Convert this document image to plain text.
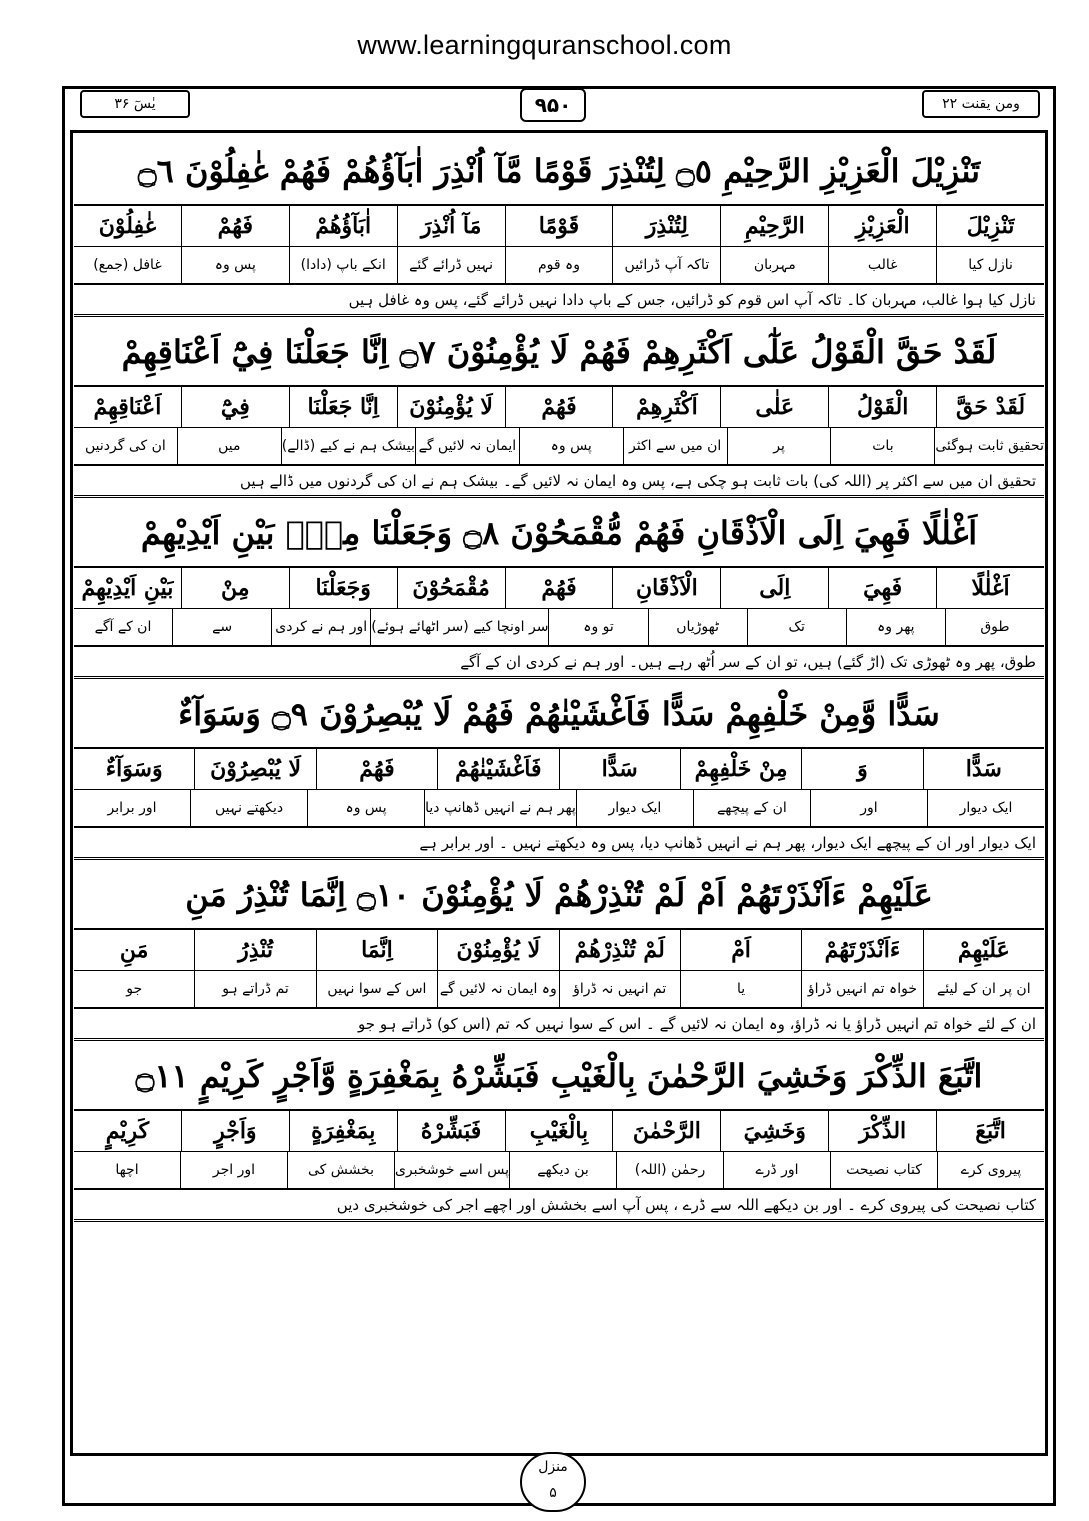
www.learningquranschool.com
ومن یقنت ۲۲
۹۵۰
یٰسٓ ۳۶
تَنْزِيْلَ الْعَزِيْزِ الرَّحِيْمِ ۝٥ لِتُنْذِرَ قَوْمًا مَّآ اُنْذِرَ اٰبَآؤُهُمْ فَهُمْ غٰفِلُوْنَ ۝٦
تَنْزِيْلَ
الْعَزِيْزِ
الرَّحِيْمِ
لِتُنْذِرَ
قَوْمًا
مَآ اُنْذِرَ
اٰبَآؤُهُمْ
فَهُمْ
غٰفِلُوْنَ
نازل کیا
غالب
مہربان
تاکہ آپ ڈرائیں
وہ قوم
نہیں ڈرائے گئے
انکے باپ (دادا)
پس وہ
غافل (جمع)
نازل کیا ہوا غالب، مہربان کا۔ تاکہ آپ اس قوم کو ڈرائیں، جس کے باپ دادا نہیں ڈرائے گئے، پس وہ غافل ہیں
لَقَدْ حَقَّ الْقَوْلُ عَلٰٓى اَكْثَرِهِمْ فَهُمْ لَا يُؤْمِنُوْنَ ۝٧ اِنَّا جَعَلْنَا فِيْٓ اَعْنَاقِهِمْ
لَقَدْ حَقَّ
الْقَوْلُ
عَلٰى
اَكْثَرِهِمْ
فَهُمْ
لَا يُؤْمِنُوْنَ
اِنَّا جَعَلْنَا
فِيْٓ
اَعْنَاقِهِمْ
تحقیق ثابت ہوگئی
بات
پر
ان میں سے اکثر
پس وہ
ایمان نہ لائیں گے
بیشک ہم نے کیے (ڈالے)
میں
ان کی گردنیں
تحقیق ان میں سے اکثر پر (اللہ کی) بات ثابت ہو چکی ہے، پس وہ ایمان نہ لائیں گے۔ بیشک ہم نے ان کی گردنوں میں ڈالے ہیں
اَغْلٰلًا فَهِيَ اِلَى الْاَذْقَانِ فَهُمْ مُّقْمَحُوْنَ ۝٨ وَجَعَلْنَا مِنْۢ بَيْنِ اَيْدِيْهِمْ
اَغْلٰلًا
فَهِيَ
اِلَى
الْاَذْقَانِ
فَهُمْ
مُقْمَحُوْنَ
وَجَعَلْنَا
مِنْ
بَيْنِ اَيْدِيْهِمْ
طوق
پھر وہ
تک
ٹھوڑیاں
تو وہ
سر اونچا کیے (سر اٹھائے ہوئے)
اور ہم نے کردی
سے
ان کے آگے
طوق، پھر وہ ٹھوڑی تک (اڑ گئے) ہیں، تو ان کے سر اُٹھ رہے ہیں۔ اور ہم نے کردی ان کے آگے
سَدًّا وَّمِنْ خَلْفِهِمْ سَدًّا فَاَغْشَيْنٰهُمْ فَهُمْ لَا يُبْصِرُوْنَ ۝٩ وَسَوَآءٌ
سَدًّا
وَ
مِنْ خَلْفِهِمْ
سَدًّا
فَاَغْشَيْنٰهُمْ
فَهُمْ
لَا يُبْصِرُوْنَ
وَسَوَآءٌ
ایک دیوار
اور
ان کے پیچھے
ایک دیوار
پھر ہم نے انہیں ڈھانپ دیا
پس وہ
دیکھتے نہیں
اور برابر
ایک دیوار اور ان کے پیچھے ایک دیوار، پھر ہم نے انہیں ڈھانپ دیا، پس وہ دیکھتے نہیں ۔ اور برابر ہے
عَلَيْهِمْ ءَاَنْذَرْتَهُمْ اَمْ لَمْ تُنْذِرْهُمْ لَا يُؤْمِنُوْنَ ۝١٠ اِنَّمَا تُنْذِرُ مَنِ
عَلَيْهِمْ
ءَاَنْذَرْتَهُمْ
اَمْ
لَمْ تُنْذِرْهُمْ
لَا يُؤْمِنُوْنَ
اِنَّمَا
تُنْذِرُ
مَنِ
ان پر ان کے لیئے
خواہ تم انہیں ڈراؤ
یا
تم انہیں نہ ڈراؤ
وہ ایمان نہ لائیں گے
اس کے سوا نہیں
تم ڈراتے ہو
جو
ان کے لئے خواہ تم انہیں ڈراؤ یا نہ ڈراؤ، وہ ایمان نہ لائیں گے ۔ اس کے سوا نہیں کہ تم (اس کو) ڈراتے ہو جو
اتَّبَعَ الذِّكْرَ وَخَشِيَ الرَّحْمٰنَ بِالْغَيْبِ فَبَشِّرْهُ بِمَغْفِرَةٍ وَّاَجْرٍ كَرِيْمٍ ۝١١
اتَّبَعَ
الذِّكْرَ
وَخَشِيَ
الرَّحْمٰنَ
بِالْغَيْبِ
فَبَشِّرْهُ
بِمَغْفِرَةٍ
وَاَجْرٍ
كَرِيْمٍ
پیروی کرے
کتاب نصیحت
اور ڈرے
رحمٰن (اللہ)
بن دیکھے
پس اسے خوشخبری
بخشش کی
اور اجر
اچھا
کتاب نصیحت کی پیروی کرے ۔ اور بن دیکھے اللہ سے ڈرے ، پس آپ اسے بخشش اور اچھے اجر کی خوشخبری دیں
منزل
۵
